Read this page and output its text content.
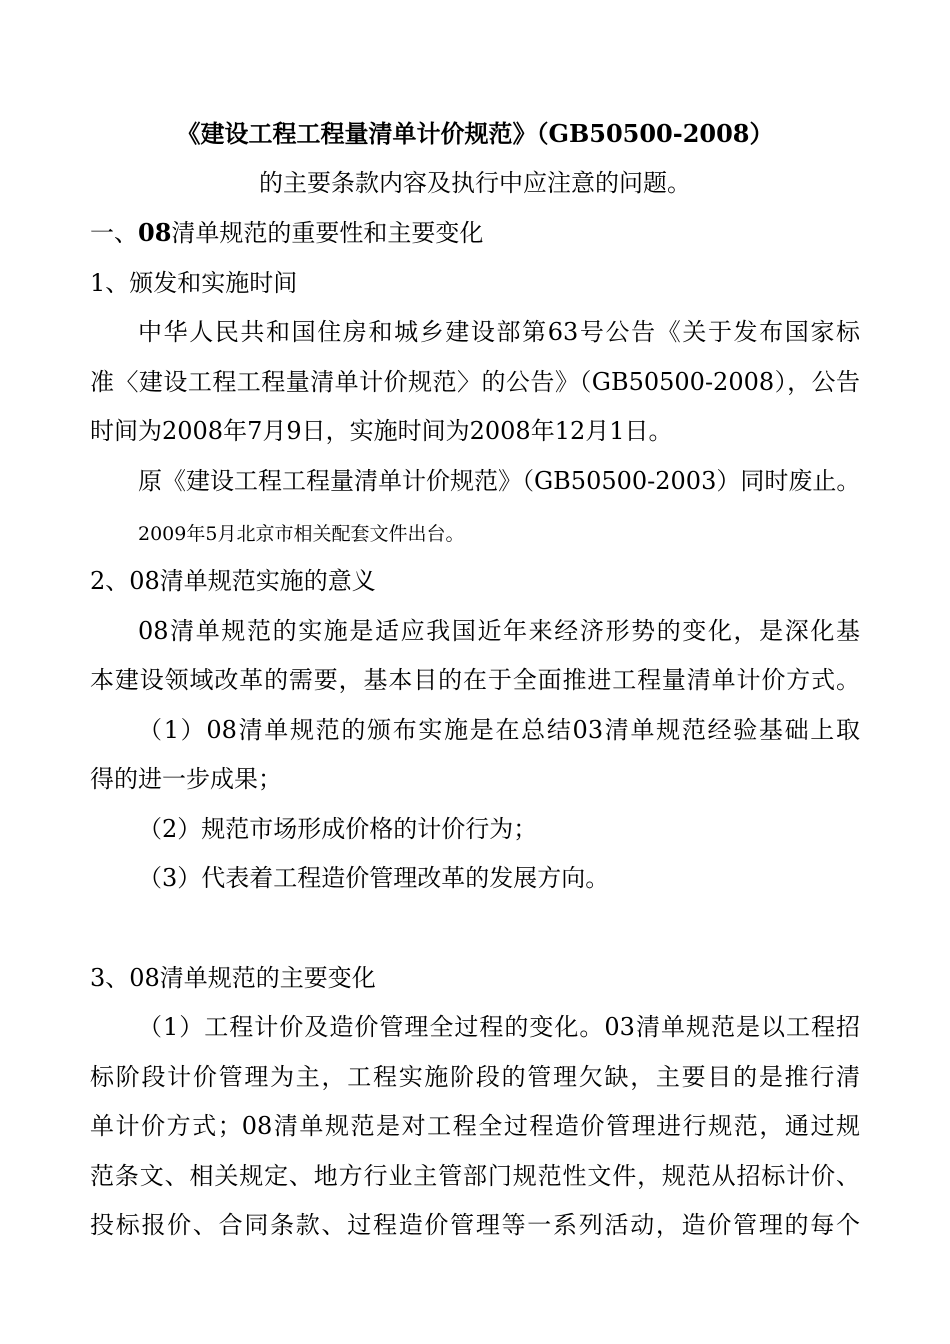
《建设工程工程量清单计价规范》（GB50500-2008）
的主要条款内容及执行中应注意的问题。
一、08清单规范的重要性和主要变化
1、颁发和实施时间
中华人民共和国住房和城乡建设部第63号公告《关于发布国家标
准〈建设工程工程量清单计价规范〉的公告》（GB50500-2008），公告
时间为2008年7月9日，实施时间为2008年12月1日。
原《建设工程工程量清单计价规范》（GB50500-2003）同时废止。
2009年5月北京市相关配套文件出台。
2、08清单规范实施的意义
08清单规范的实施是适应我国近年来经济形势的变化，是深化基
本建设领域改革的需要，基本目的在于全面推进工程量清单计价方式。
（1）08清单规范的颁布实施是在总结03清单规范经验基础上取
得的进一步成果；
（2）规范市场形成价格的计价行为；
（3）代表着工程造价管理改革的发展方向。
3、08清单规范的主要变化
（1）工程计价及造价管理全过程的变化。03清单规范是以工程招
标阶段计价管理为主，工程实施阶段的管理欠缺，主要目的是推行清
单计价方式；08清单规范是对工程全过程造价管理进行规范，通过规
范条文、相关规定、地方行业主管部门规范性文件，规范从招标计价、
投标报价、合同条款、过程造价管理等一系列活动，造价管理的每个
